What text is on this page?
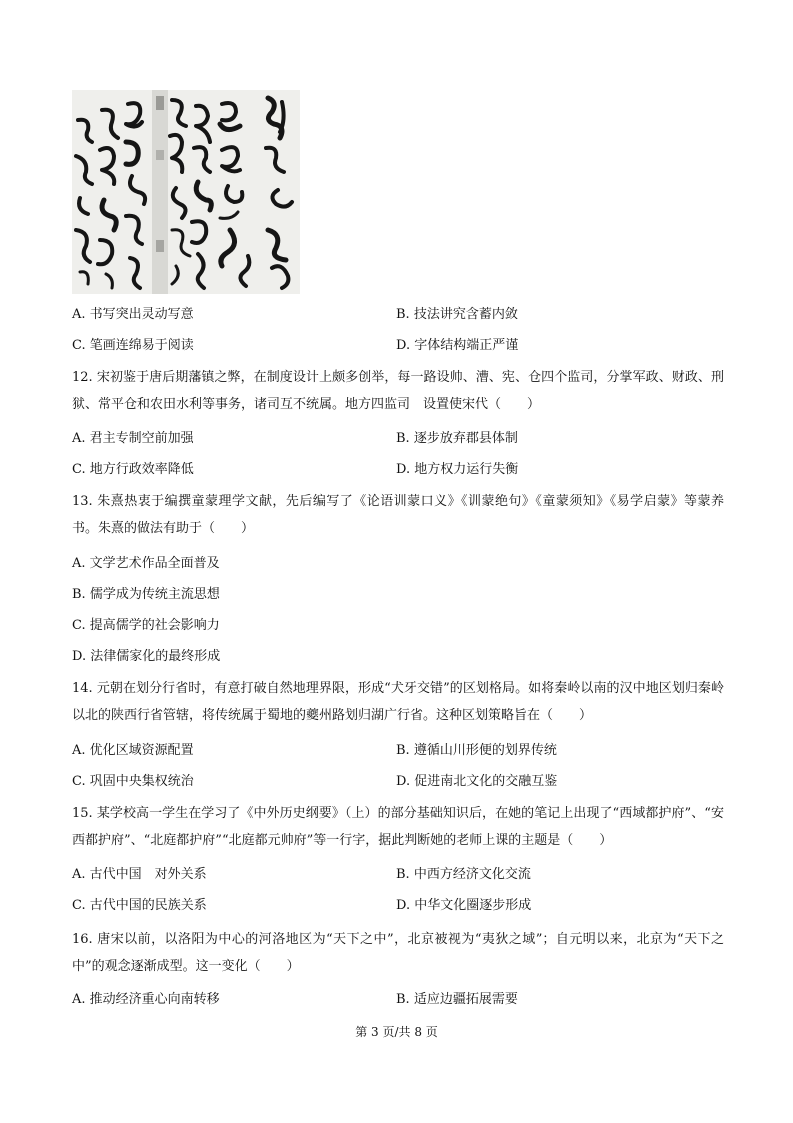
A. 书写突出灵动写意	B. 技法讲究含蓄内敛
C. 笔画连绵易于阅读	D. 字体结构端正严谨
12. 宋初鉴于唐后期藩镇之弊，在制度设计上颇多创举，每一路设帅、漕、宪、仓四个监司，分掌军政、财政、刑狱、常平仓和农田水利等事务，诸司互不统属。地方四监司　设置使宋代（　　）
A. 君主专制空前加强	B. 逐步放弃郡县体制
C. 地方行政效率降低	D. 地方权力运行失衡
13. 朱熹热衷于编撰童蒙理学文献，先后编写了《论语训蒙口义》《训蒙绝句》《童蒙须知》《易学启蒙》等蒙养书。朱熹的做法有助于（　　）
A. 文学艺术作品全面普及
B. 儒学成为传统主流思想
C. 提高儒学的社会影响力
D. 法律儒家化的最终形成
14. 元朝在划分行省时，有意打破自然地理界限，形成“犬牙交错”的区划格局。如将秦岭以南的汉中地区划归秦岭以北的陕西行省管辖，将传统属于蜀地的夔州路划归湖广行省。这种区划策略旨在（　　）
A. 优化区域资源配置	B. 遵循山川形便的划界传统
C. 巩固中央集权统治	D. 促进南北文化的交融互鉴
15. 某学校高一学生在学习了《中外历史纲要》（上）的部分基础知识后，在她的笔记上出现了“西域都护府”、“安西都护府”、“北庭都护府”“北庭都元帅府”等一行字，据此判断她的老师上课的主题是（　　）
A. 古代中国　对外关系	B. 中西方经济文化交流
C. 古代中国的民族关系	D. 中华文化圈逐步形成
16. 唐宋以前，以洛阳为中心的河洛地区为“天下之中”，北京被视为“夷狄之域”；自元明以来，北京为“天下之中”的观念逐渐成型。这一变化（　　）
A. 推动经济重心向南转移	B. 适应边疆拓展需要
第 3 页/共 8 页
